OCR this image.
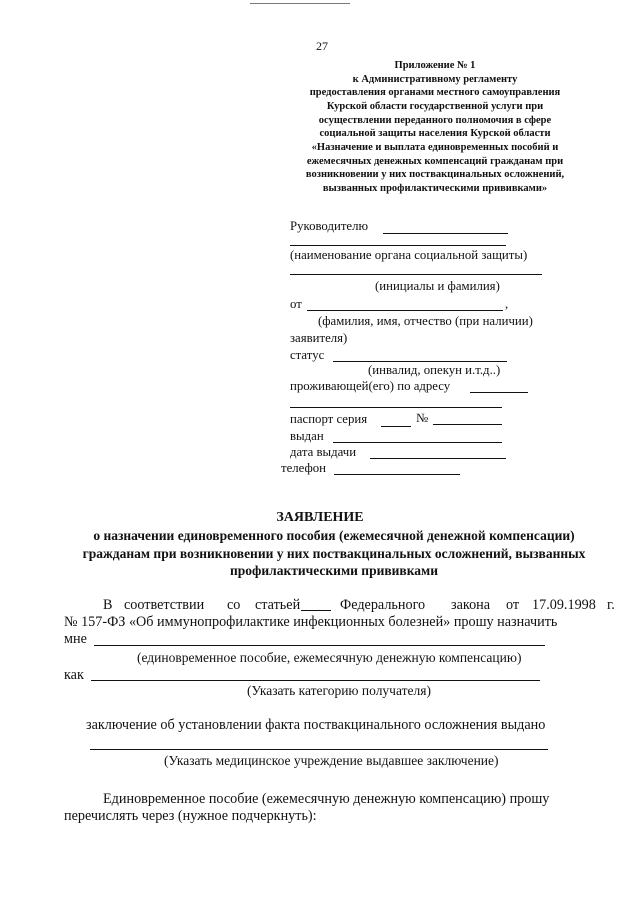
27
Приложение № 1
к Административному регламенту
предоставления органами местного самоуправления
Курской области государственной услуги при
осуществлении переданного полномочия в сфере
социальной защиты населения Курской области
«Назначение и выплата единовременных пособий и
ежемесячных денежных компенсаций гражданам при
возникновении у них поствакцинальных осложнений,
вызванных профилактическими прививками»
Руководителю
(наименование органа социальной защиты)
(инициалы и фамилия)
от	,
(фамилия, имя, отчество (при наличии)
заявителя)
статус
(инвалид, опекун и.т.д..)
проживающей(его) по адресу
паспорт серия	№
выдан
дата выдачи
телефон
ЗАЯВЛЕНИЕ
о назначении единовременного пособия (ежемесячной денежной компенсации) гражданам при возникновении у них поствакцинальных осложнений, вызванных профилактическими прививками
В соответствии со статьей	Федерального закона от 17.09.1998 г.
№ 157-ФЗ «Об иммунопрофилактике инфекционных болезней» прошу назначить
мне
(единовременное пособие, ежемесячную денежную компенсацию)
как
(Указать категорию получателя)
заключение об установлении факта поствакцинального осложнения выдано
(Указать медицинское учреждение выдавшее заключение)
Единовременное пособие (ежемесячную денежную компенсацию) прошу
перечислять через (нужное подчеркнуть):
